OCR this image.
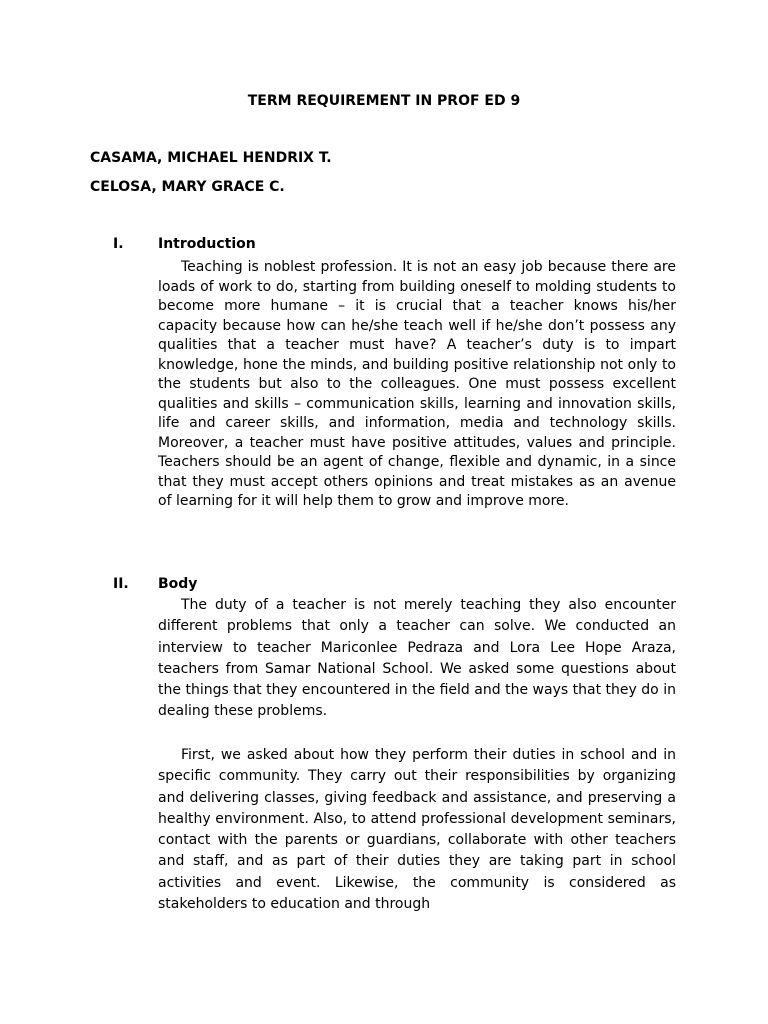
TERM REQUIREMENT IN PROF ED 9
CASAMA, MICHAEL HENDRIX T.
CELOSA, MARY GRACE C.
I. Introduction

Teaching is noblest profession. It is not an easy job because there are loads of work to do, starting from building oneself to molding students to become more humane – it is crucial that a teacher knows his/her capacity because how can he/she teach well if he/she don’t possess any qualities that a teacher must have? A teacher’s duty is to impart knowledge, hone the minds, and building positive relationship not only to the students but also to the colleagues. One must possess excellent qualities and skills – communication skills, learning and innovation skills, life and career skills, and information, media and technology skills. Moreover, a teacher must have positive attitudes, values and principle. Teachers should be an agent of change, flexible and dynamic, in a since that they must accept others opinions and treat mistakes as an avenue of learning for it will help them to grow and improve more.

II. Body

The duty of a teacher is not merely teaching they also encounter different problems that only a teacher can solve. We conducted an interview to teacher Mariconlee Pedraza and Lora Lee Hope Araza, teachers from Samar National School. We asked some questions about the things that they encountered in the field and the ways that they do in dealing these problems.

First, we asked about how they perform their duties in school and in specific community. They carry out their responsibilities by organizing and delivering classes, giving feedback and assistance, and preserving a healthy environment. Also, to attend professional development seminars, contact with the parents or guardians, collaborate with other teachers and staff, and as part of their duties they are taking part in school activities and event. Likewise, the community is considered as stakeholders to education and through
